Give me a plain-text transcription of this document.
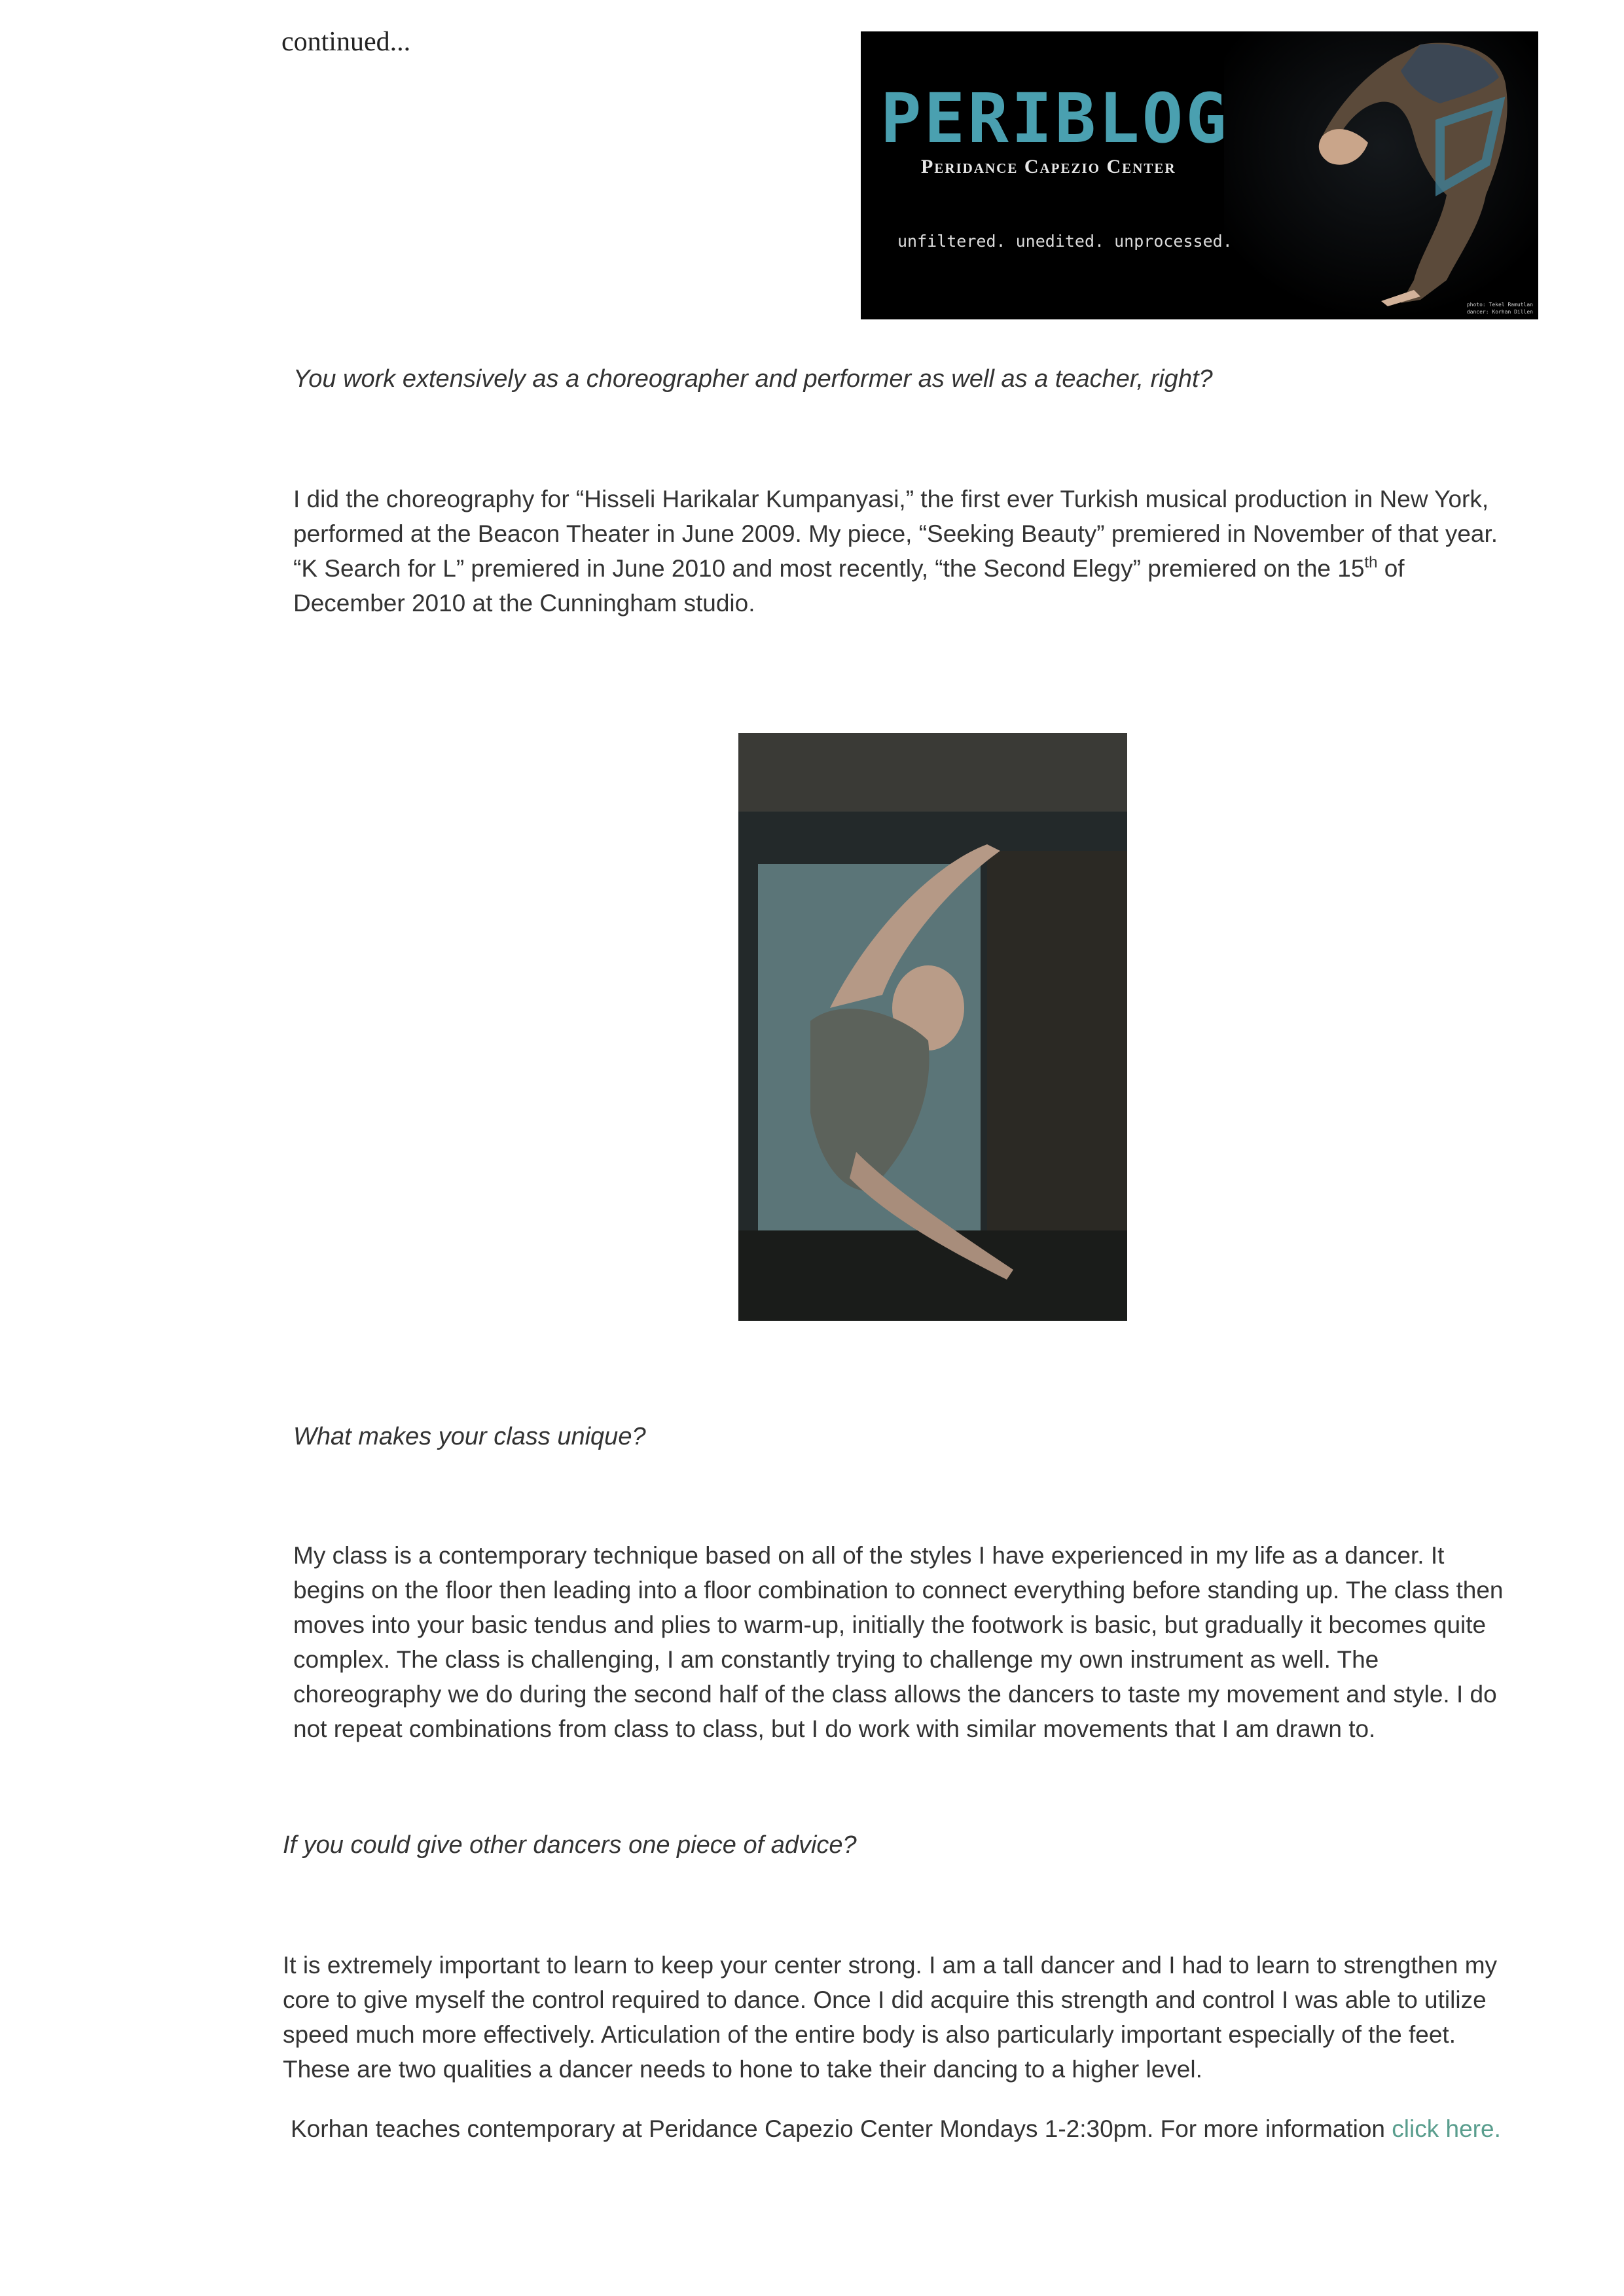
continued...
PERIBLOG
Peridance Capezio Center
unfiltered. unedited. unprocessed.
photo: Tekel Ramutlan
dancer: Korhan Dillen
You work extensively as a choreographer and performer as well as a teacher, right?
I did the choreography for “Hisseli Harikalar Kumpanyasi,” the first ever Turkish musical production in New York,
performed at the Beacon Theater in June 2009. My piece, “Seeking Beauty” premiered in November of that year.
“K Search for L” premiered in June 2010 and most recently, “the Second Elegy” premiered on the 15th of
December 2010 at the Cunningham studio.
What makes your class unique?
My class is a contemporary technique based on all of the styles I have experienced in my life as a dancer. It
begins on the floor then leading into a floor combination to connect everything before standing up. The class then
moves into your basic tendus and plies to warm-up, initially the footwork is basic, but gradually it becomes quite
complex. The class is challenging, I am constantly trying to challenge my own instrument as well. The
choreography we do during the second half of the class allows the dancers to taste my movement and style. I do
not repeat combinations from class to class, but I do work with similar movements that I am drawn to.
If you could give other dancers one piece of advice?
It is extremely important to learn to keep your center strong. I am a tall dancer and I had to learn to strengthen my
core to give myself the control required to dance. Once I did acquire this strength and control I was able to utilize
speed much more effectively. Articulation of the entire body is also particularly important especially of the feet.
These are two qualities a dancer needs to hone to take their dancing to a higher level.
Korhan teaches contemporary at Peridance Capezio Center Mondays 1-2:30pm. For more information click here.
